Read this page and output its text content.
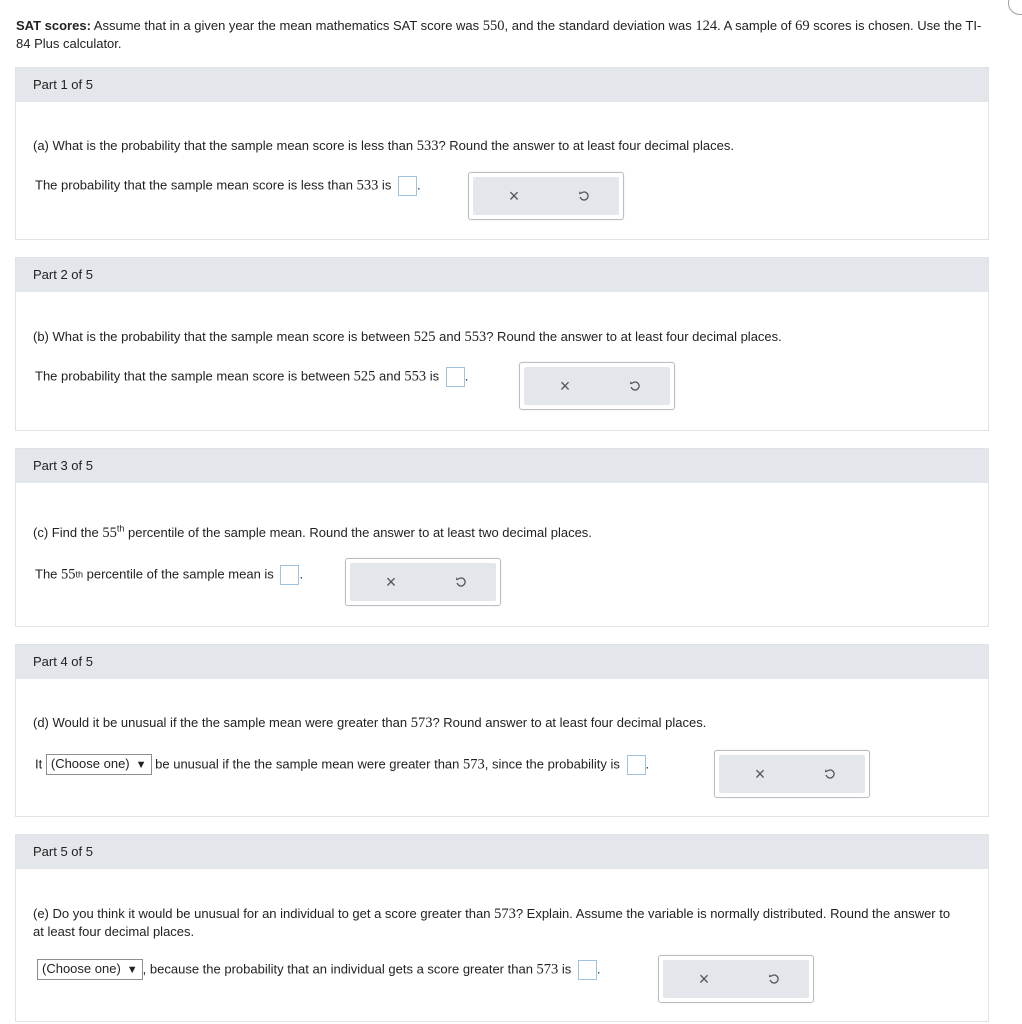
SAT scores: Assume that in a given year the mean mathematics SAT score was 550, and the standard deviation was 124. A sample of 69 scores is chosen. Use the TI-84 Plus calculator.
Part 1 of 5
(a) What is the probability that the sample mean score is less than 533? Round the answer to at least four decimal places.
The probability that the sample mean score is less than 533 is .
×
Part 2 of 5
(b) What is the probability that the sample mean score is between 525 and 553? Round the answer to at least four decimal places.
The probability that the sample mean score is between 525 and 553 is .	×
Part 3 of 5
(c) Find the 55th percentile of the sample mean. Round the answer to at least two decimal places.
The 55th percentile of the sample mean is .	×
Part 4 of 5
(d) Would it be unusual if the the sample mean were greater than 573? Round answer to at least four decimal places.
It (Choose one) ▼ be unusual if the the sample mean were greater than 573, since the probability is .	×
Part 5 of 5
(e) Do you think it would be unusual for an individual to get a score greater than 573? Explain. Assume the variable is normally distributed. Round the answer to at least four decimal places.
(Choose one) ▼ , because the probability that an individual gets a score greater than 573 is .	×
